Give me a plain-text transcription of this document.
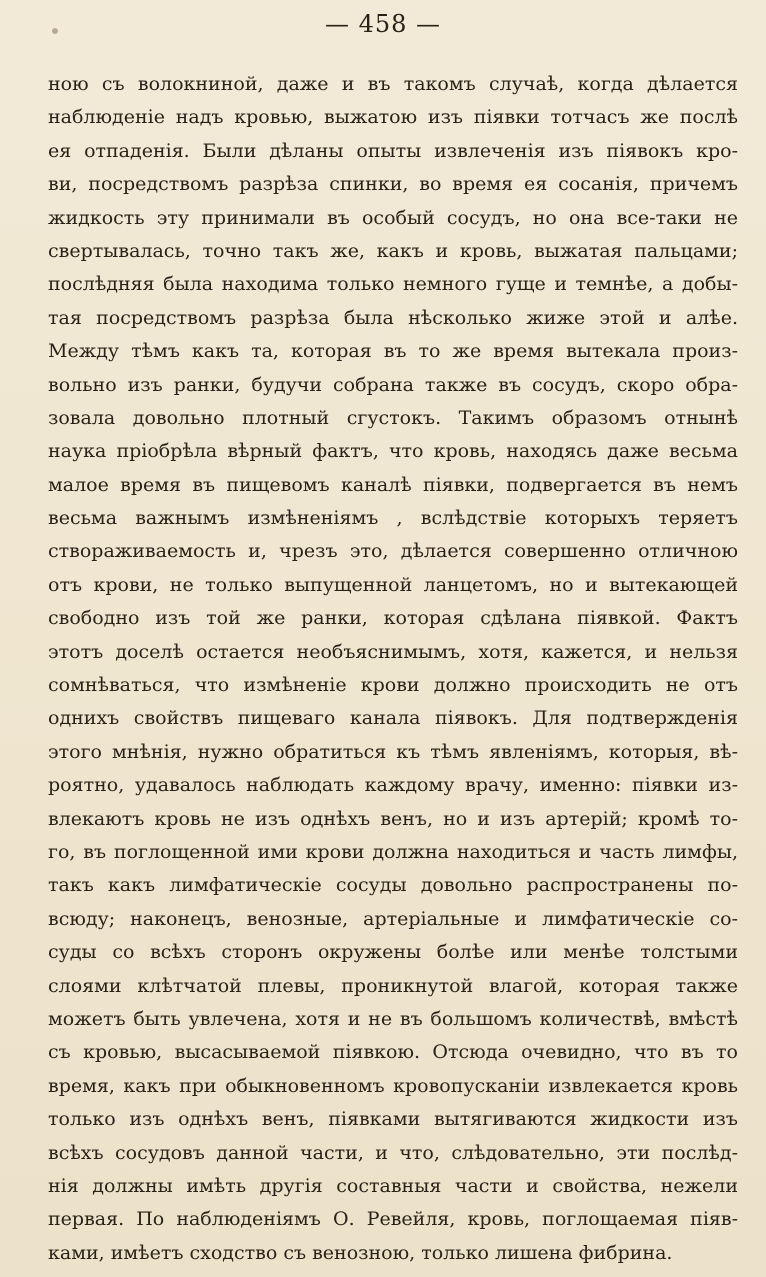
— 458 —
ною съ волокниной, даже и въ такомъ случаѣ, когда дѣлается
наблюденіе надъ кровью, выжатою изъ піявки тотчасъ же послѣ
ея отпаденія. Были дѣланы опыты извлеченія изъ піявокъ кро-
ви, посредствомъ разрѣза спинки, во время ея сосанія, причемъ
жидкость эту принимали въ особый сосудъ, но она все-таки не
свертывалась, точно такъ же, какъ и кровь, выжатая пальцами;
послѣдняя была находима только немного гуще и темнѣе, а добы-
тая посредствомъ разрѣза была нѣсколько жиже этой и алѣе.
Между тѣмъ какъ та, которая въ то же время вытекала произ-
вольно изъ ранки, будучи собрана также въ сосудъ, скоро обра-
зовала довольно плотный сгустокъ. Такимъ образомъ отнынѣ
наука пріобрѣла вѣрный фактъ, что кровь, находясь даже весьма
малое время въ пищевомъ каналѣ піявки, подвергается въ немъ
весьма важнымъ измѣненіямъ , вслѣдствіе которыхъ теряетъ
створаживаемость и, чрезъ это, дѣлается совершенно отличною
отъ крови, не только выпущенной ланцетомъ, но и вытекающей
свободно изъ той же ранки, которая сдѣлана піявкой. Фактъ
этотъ доселѣ остается необъяснимымъ, хотя, кажется, и нельзя
сомнѣваться, что измѣненіе крови должно происходить не отъ
однихъ свойствъ пищеваго канала піявокъ. Для подтвержденія
этого мнѣнія, нужно обратиться къ тѣмъ явленіямъ, которыя, вѣ-
роятно, удавалось наблюдать каждому врачу, именно: піявки из-
влекаютъ кровь не изъ однѣхъ венъ, но и изъ артерій; кромѣ то-
го, въ поглощенной ими крови должна находиться и часть лимфы,
такъ какъ лимфатическіе сосуды довольно распространены по-
всюду; наконецъ, венозные, артеріальные и лимфатическіе со-
суды со всѣхъ сторонъ окружены болѣе или менѣе толстыми
слоями клѣтчатой плевы, проникнутой влагой, которая также
можетъ быть увлечена, хотя и не въ большомъ количествѣ, вмѣстѣ
съ кровью, высасываемой піявкою. Отсюда очевидно, что въ то
время, какъ при обыкновенномъ кровопусканіи извлекается кровь
только изъ однѣхъ венъ, піявками вытягиваются жидкости изъ
всѣхъ сосудовъ данной части, и что, слѣдовательно, эти послѣд-
нія должны имѣть другія составныя части и свойства, нежели
первая. По наблюденіямъ О. Ревейля, кровь, поглощаемая піяв-
ками, имѣетъ сходство съ венозною, только лишена фибрина.
